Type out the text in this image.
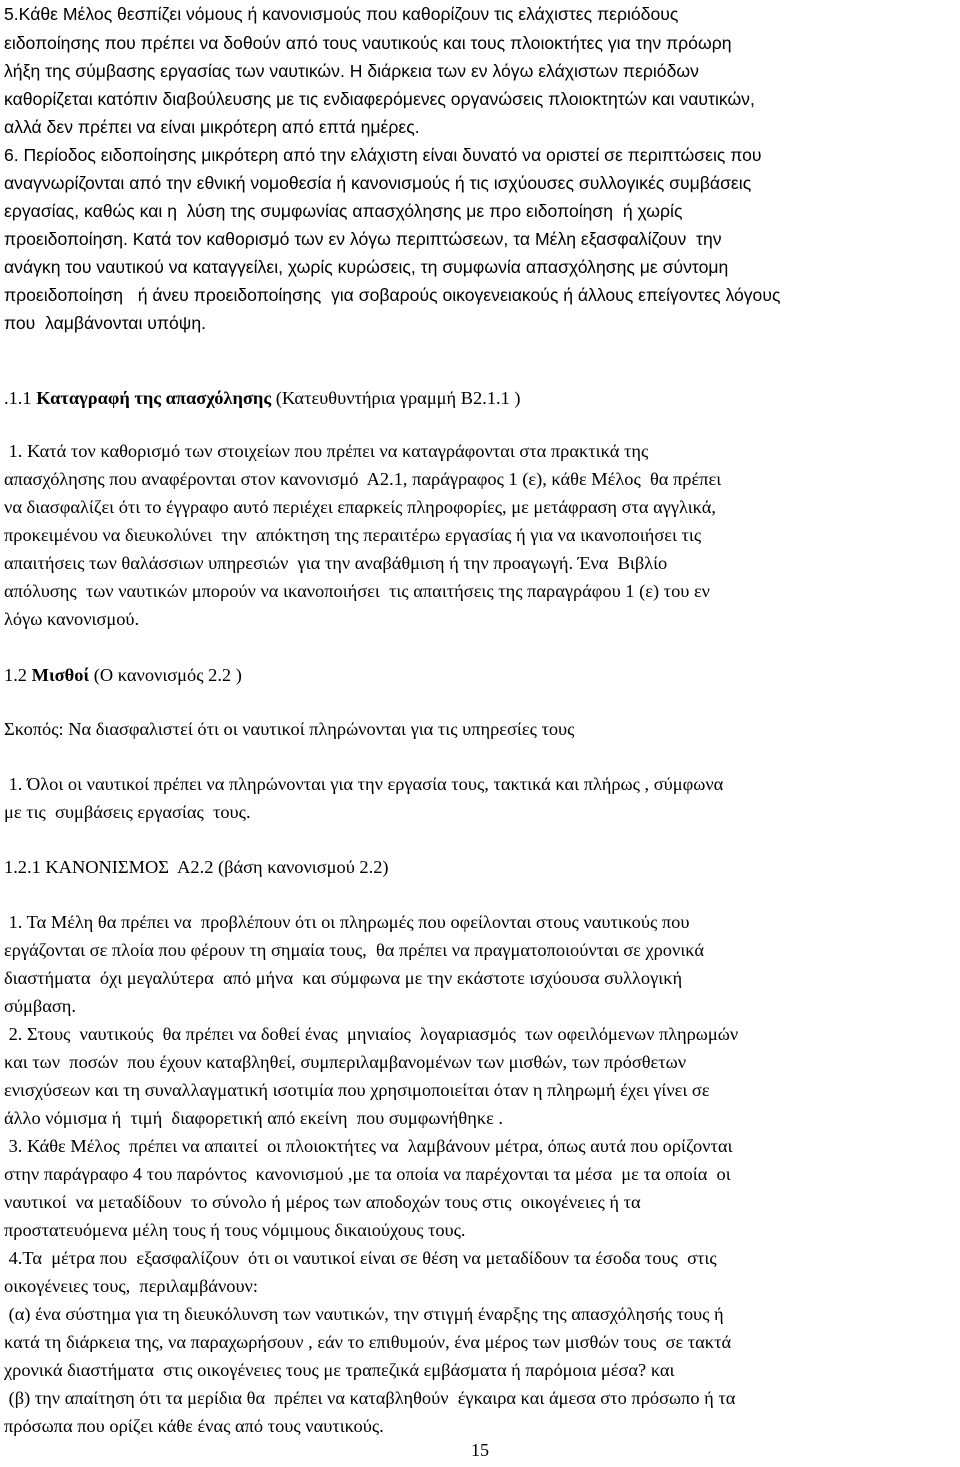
5.Κάθε Μέλος θεσπίζει νόμους ή κανονισμούς που καθορίζουν τις ελάχιστες περιόδους
ειδοποίησης που πρέπει να δοθούν από τους ναυτικούς και τους πλοιοκτήτες για την πρόωρη
λήξη της σύμβασης εργασίας των ναυτικών. Η διάρκεια των εν λόγω ελάχιστων περιόδων
καθορίζεται κατόπιν διαβούλευσης με τις ενδιαφερόμενες οργανώσεις πλοιοκτητών και ναυτικών,
αλλά δεν πρέπει να είναι μικρότερη από επτά ημέρες.
6. Περίοδος ειδοποίησης μικρότερη από την ελάχιστη είναι δυνατό να οριστεί σε περιπτώσεις που
αναγνωρίζονται από την εθνική νομοθεσία ή κανονισμούς ή τις ισχύουσες συλλογικές συμβάσεις
εργασίας, καθώς και η  λύση της συμφωνίας απασχόλησης με προ ειδοποίηση  ή χωρίς
προειδοποίηση. Κατά τον καθορισμό των εν λόγω περιπτώσεων, τα Μέλη εξασφαλίζουν  την
ανάγκη του ναυτικού να καταγγείλει, χωρίς κυρώσεις, τη συμφωνία απασχόλησης με σύντομη
προειδοποίηση   ή άνευ προειδοποίησης  για σοβαρούς οικογενειακούς ή άλλους επείγοντες λόγους
που  λαμβάνονται υπόψη.
.1.1 Καταγραφή της απασχόλησης (Κατευθυντήρια γραμμή Β2.1.1 )
1. Κατά τον καθορισμό των στοιχείων που πρέπει να καταγράφονται στα πρακτικά της
απασχόλησης που αναφέρονται στον κανονισμό  Α2.1, παράγραφος 1 (ε), κάθε Μέλος  θα πρέπει
να διασφαλίζει ότι το έγγραφο αυτό περιέχει επαρκείς πληροφορίες, με μετάφραση στα αγγλικά,
προκειμένου να διευκολύνει  την  απόκτηση της περαιτέρω εργασίας ή για να ικανοποιήσει τις
απαιτήσεις των θαλάσσιων υπηρεσιών  για την αναβάθμιση ή την προαγωγή. Ένα  Βιβλίο
απόλυσης  των ναυτικών μπορούν να ικανοποιήσει  τις απαιτήσεις της παραγράφου 1 (ε) του εν
λόγω κανονισμού.
1.2 Μισθοί (Ο κανονισμός 2.2 )
Σκοπός: Να διασφαλιστεί ότι οι ναυτικοί πληρώνονται για τις υπηρεσίες τους
1. Όλοι οι ναυτικοί πρέπει να πληρώνονται για την εργασία τους, τακτικά και πλήρως , σύμφωνα
με τις  συμβάσεις εργασίας  τους.
1.2.1 ΚΑΝΟΝΙΣΜΟΣ  Α2.2 (βάση κανονισμού 2.2)
1. Τα Μέλη θα πρέπει να  προβλέπουν ότι οι πληρωμές που οφείλονται στους ναυτικούς που
εργάζονται σε πλοία που φέρουν τη σημαία τους,  θα πρέπει να πραγματοποιούνται σε χρονικά
διαστήματα  όχι μεγαλύτερα  από μήνα  και σύμφωνα με την εκάστοτε ισχύουσα συλλογική
σύμβαση.
2. Στους  ναυτικούς  θα πρέπει να δοθεί ένας  μηνιαίος  λογαριασμός  των οφειλόμενων πληρωμών
και των  ποσών  που έχουν καταβληθεί, συμπεριλαμβανομένων των μισθών, των πρόσθετων
ενισχύσεων και τη συναλλαγματική ισοτιμία που χρησιμοποιείται όταν η πληρωμή έχει γίνει σε
άλλο νόμισμα ή  τιμή  διαφορετική από εκείνη  που συμφωνήθηκε .
3. Κάθε Μέλος  πρέπει να απαιτεί  οι πλοιοκτήτες να  λαμβάνουν μέτρα, όπως αυτά που ορίζονται
στην παράγραφο 4 του παρόντος  κανονισμού ,με τα οποία να παρέχονται τα μέσα  με τα οποία  οι
ναυτικοί  να μεταδίδουν  το σύνολο ή μέρος των αποδοχών τους στις  οικογένειες ή τα
προστατευόμενα μέλη τους ή τους νόμιμους δικαιούχους τους.
4.Τα  μέτρα που  εξασφαλίζουν  ότι οι ναυτικοί είναι σε θέση να μεταδίδουν τα έσοδα τους  στις
οικογένειες τους,  περιλαμβάνουν:
(α) ένα σύστημα για τη διευκόλυνση των ναυτικών, την στιγμή έναρξης της απασχόλησής τους ή
κατά τη διάρκεια της, να παραχωρήσουν , εάν το επιθυμούν, ένα μέρος των μισθών τους  σε τακτά
χρονικά διαστήματα  στις οικογένειες τους με τραπεζικά εμβάσματα ή παρόμοια μέσα? και
(β) την απαίτηση ότι τα μερίδια θα  πρέπει να καταβληθούν  έγκαιρα και άμεσα στο πρόσωπο ή τα
πρόσωπα που ορίζει κάθε ένας από τους ναυτικούς.
15
